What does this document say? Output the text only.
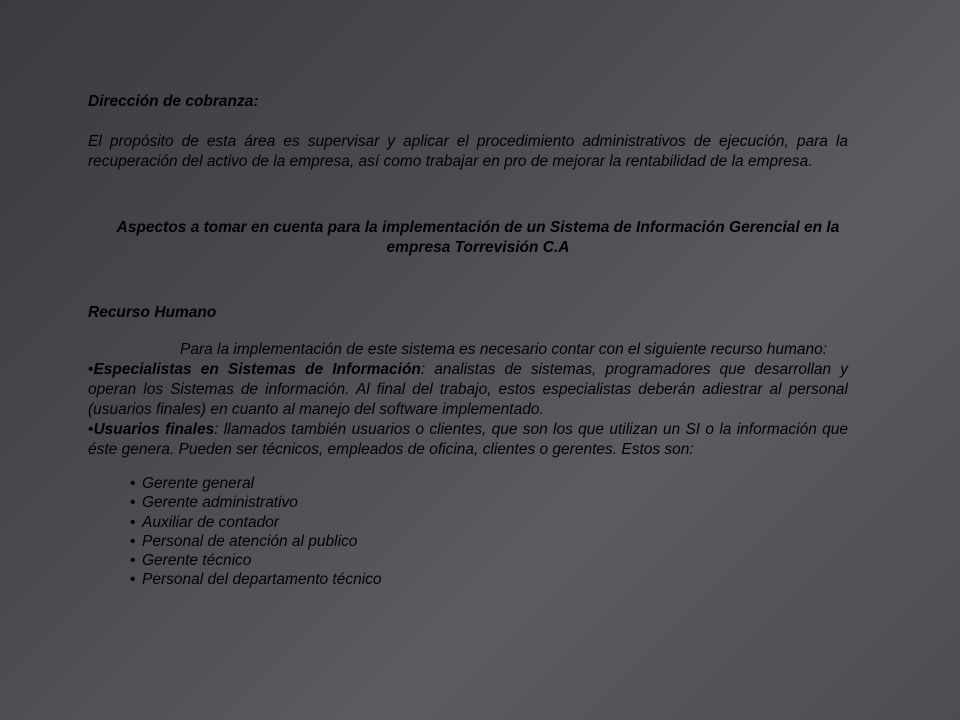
Dirección de cobranza:
El propósito de esta área es supervisar y aplicar el procedimiento administrativos de ejecución, para la recuperación del activo de la empresa, así como trabajar en pro de mejorar la rentabilidad de la empresa.
Aspectos a tomar en cuenta para la implementación de un Sistema de Información Gerencial en la empresa Torrevisión C.A
Recurso Humano
Para la implementación de este sistema es necesario contar con el siguiente recurso humano:

•Especialistas en Sistemas de Información: analistas de sistemas, programadores que desarrollan y operan los Sistemas de información. Al final del trabajo, estos especialistas deberán adiestrar al personal (usuarios finales) en cuanto al manejo del software implementado.

•Usuarios finales: llamados también usuarios o clientes, que son los que utilizan un SI o la información que éste genera. Pueden ser técnicos, empleados de oficina, clientes o gerentes. Estos son:

• Gerente general
• Gerente administrativo
• Auxiliar de contador
• Personal de atención al publico
• Gerente técnico
• Personal del departamento técnico
